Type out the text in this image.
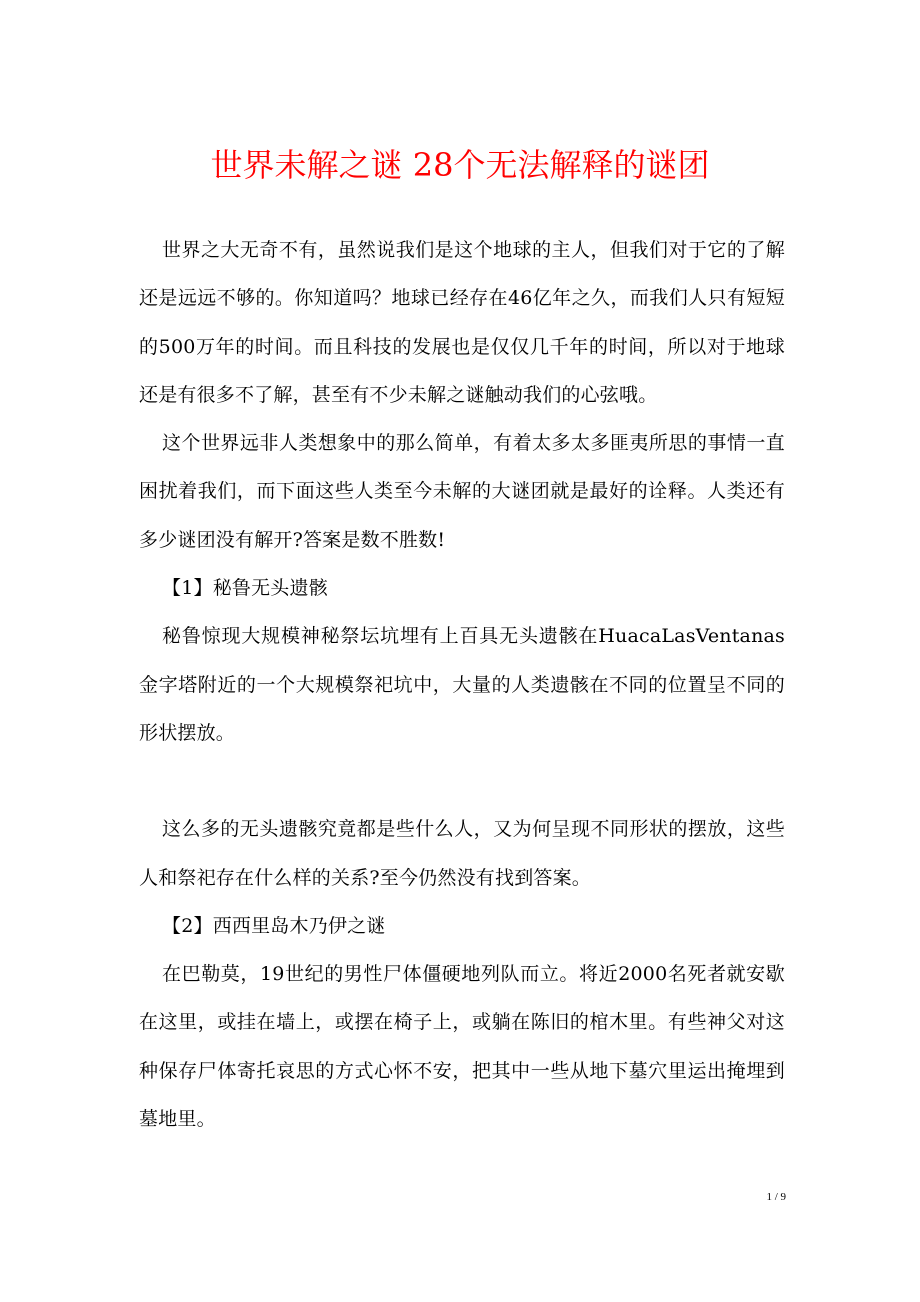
世界未解之谜 28个无法解释的谜团

世界之大无奇不有，虽然说我们是这个地球的主人，但我们对于它的了解还是远远不够的。你知道吗？地球已经存在46亿年之久，而我们人只有短短的500万年的时间。而且科技的发展也是仅仅几千年的时间，所以对于地球还是有很多不了解，甚至有不少未解之谜触动我们的心弦哦。

这个世界远非人类想象中的那么简单，有着太多太多匪夷所思的事情一直困扰着我们，而下面这些人类至今未解的大谜团就是最好的诠释。人类还有多少谜团没有解开?答案是数不胜数!

【1】秘鲁无头遗骸

秘鲁惊现大规模神秘祭坛坑埋有上百具无头遗骸在HuacaLasVentanas金字塔附近的一个大规模祭祀坑中，大量的人类遗骸在不同的位置呈不同的形状摆放。

这么多的无头遗骸究竟都是些什么人，又为何呈现不同形状的摆放，这些人和祭祀存在什么样的关系?至今仍然没有找到答案。

【2】西西里岛木乃伊之谜

在巴勒莫，19世纪的男性尸体僵硬地列队而立。将近2000名死者就安歇在这里，或挂在墙上，或摆在椅子上，或躺在陈旧的棺木里。有些神父对这种保存尸体寄托哀思的方式心怀不安，把其中一些从地下墓穴里运出掩埋到墓地里。

1 / 9
